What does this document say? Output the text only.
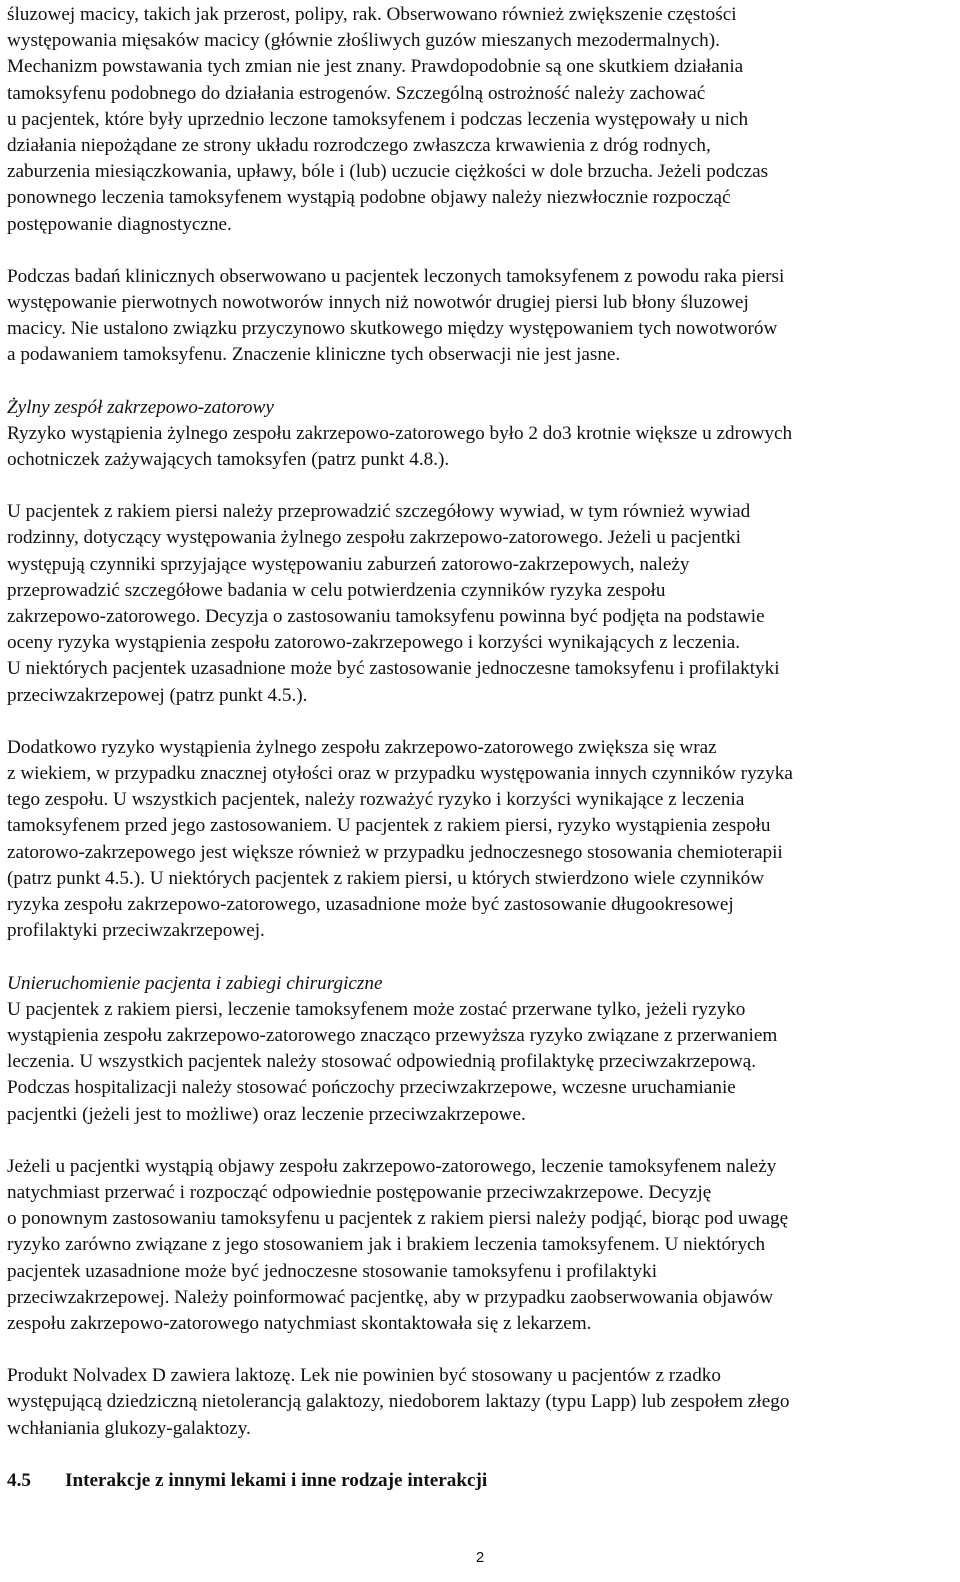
śluzowej macicy, takich jak przerost, polipy, rak. Obserwowano również zwiększenie częstości
występowania mięsaków macicy (głównie złośliwych guzów mieszanych mezodermalnych).
Mechanizm powstawania tych zmian nie jest znany. Prawdopodobnie są one skutkiem działania
tamoksyfenu podobnego do działania estrogenów. Szczególną ostrożność należy zachować
u pacjentek, które były uprzednio leczone tamoksyfenem i podczas leczenia występowały u nich
działania niepożądane ze strony układu rozrodczego zwłaszcza krwawienia z dróg rodnych,
zaburzenia miesiączkowania, upławy, bóle i (lub) uczucie ciężkości w dole brzucha. Jeżeli podczas
ponownego leczenia tamoksyfenem wystąpią podobne objawy należy niezwłocznie rozpocząć
postępowanie diagnostyczne.
Podczas badań klinicznych obserwowano u pacjentek leczonych tamoksyfenem z powodu raka piersi
występowanie pierwotnych nowotworów innych niż nowotwór drugiej piersi lub błony śluzowej
macicy. Nie ustalono związku przyczynowo skutkowego między występowaniem tych nowotworów
a podawaniem tamoksyfenu. Znaczenie kliniczne tych obserwacji nie jest jasne.
Żylny zespół zakrzepowo-zatorowy
Ryzyko wystąpienia żylnego zespołu zakrzepowo-zatorowego było 2 do3 krotnie większe u zdrowych
ochotniczek zażywających tamoksyfen (patrz punkt 4.8.).
U pacjentek z rakiem piersi należy przeprowadzić szczegółowy wywiad, w tym również wywiad
rodzinny, dotyczący występowania żylnego zespołu zakrzepowo-zatorowego. Jeżeli u pacjentki
występują czynniki sprzyjające występowaniu zaburzeń zatorowo-zakrzepowych, należy
przeprowadzić szczegółowe badania w celu potwierdzenia czynników ryzyka zespołu
zakrzepowo-zatorowego. Decyzja o zastosowaniu tamoksyfenu powinna być podjęta na podstawie
oceny ryzyka wystąpienia zespołu zatorowo-zakrzepowego i korzyści wynikających z leczenia.
U niektórych pacjentek uzasadnione może być zastosowanie jednoczesne tamoksyfenu i profilaktyki
przeciwzakrzepowej (patrz punkt 4.5.).
Dodatkowo ryzyko wystąpienia żylnego zespołu zakrzepowo-zatorowego zwiększa się wraz
z wiekiem, w przypadku znacznej otyłości oraz w przypadku występowania innych czynników ryzyka
tego zespołu. U wszystkich pacjentek, należy rozważyć ryzyko i korzyści wynikające z leczenia
tamoksyfenem przed jego zastosowaniem. U pacjentek z rakiem piersi, ryzyko wystąpienia zespołu
zatorowo-zakrzepowego jest większe również w przypadku jednoczesnego stosowania chemioterapii
(patrz punkt 4.5.). U niektórych pacjentek z rakiem piersi, u których stwierdzono wiele czynników
ryzyka zespołu zakrzepowo-zatorowego, uzasadnione może być zastosowanie długookresowej
profilaktyki przeciwzakrzepowej.
Unieruchomienie pacjenta i zabiegi chirurgiczne
U pacjentek z rakiem piersi, leczenie tamoksyfenem może zostać przerwane tylko, jeżeli ryzyko
wystąpienia zespołu zakrzepowo-zatorowego znacząco przewyższa ryzyko związane z przerwaniem
leczenia. U wszystkich pacjentek należy stosować odpowiednią profilaktykę przeciwzakrzepową.
Podczas hospitalizacji należy stosować pończochy przeciwzakrzepowe, wczesne uruchamianie
pacjentki (jeżeli jest to możliwe) oraz leczenie przeciwzakrzepowe.
Jeżeli u pacjentki wystąpią objawy zespołu zakrzepowo-zatorowego, leczenie tamoksyfenem należy
natychmiast przerwać i rozpocząć odpowiednie postępowanie przeciwzakrzepowe. Decyzję
o ponownym zastosowaniu tamoksyfenu u pacjentek z rakiem piersi należy podjąć, biorąc pod uwagę
ryzyko zarówno związane z jego stosowaniem jak i brakiem leczenia tamoksyfenem. U niektórych
pacjentek uzasadnione może być jednoczesne stosowanie tamoksyfenu i profilaktyki
przeciwzakrzepowej. Należy poinformować pacjentkę, aby w przypadku zaobserwowania objawów
zespołu zakrzepowo-zatorowego natychmiast skontaktowała się z lekarzem.
Produkt Nolvadex D zawiera laktozę. Lek nie powinien być stosowany u pacjentów z rzadko
występującą dziedziczną nietolerancją galaktozy, niedoborem laktazy (typu Lapp) lub zespołem złego
wchłaniania glukozy-galaktozy.
4.5	Interakcje z innymi lekami i inne rodzaje interakcji
2
